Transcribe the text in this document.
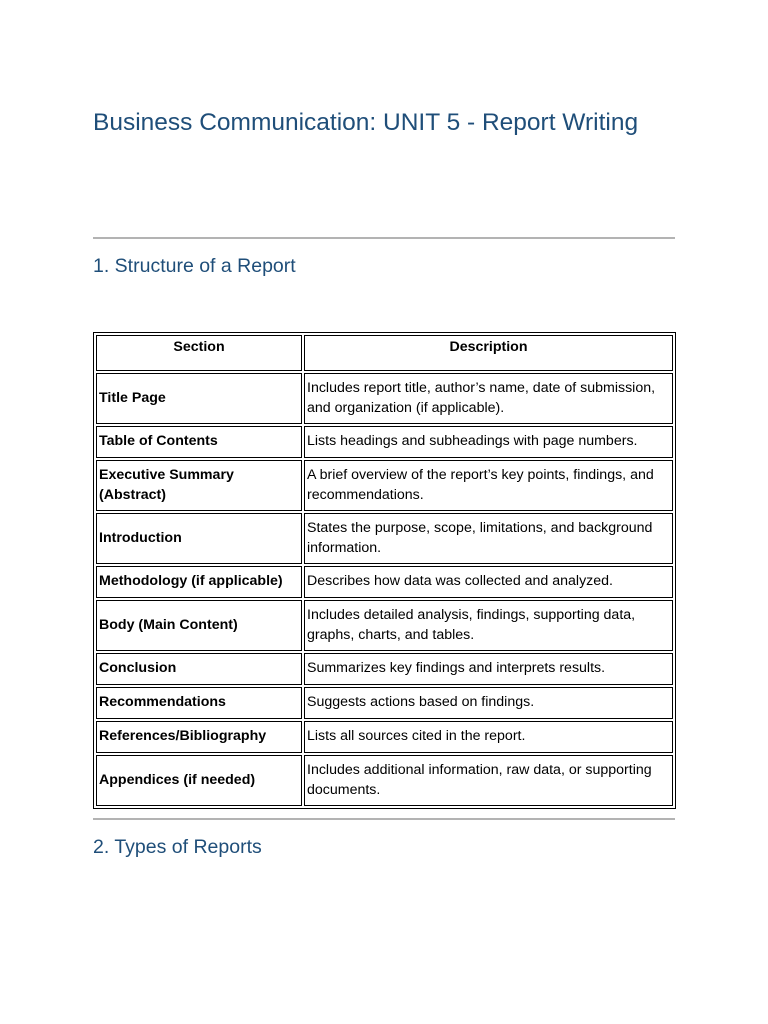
Business Communication: UNIT 5 - Report Writing
1. Structure of a Report
Section	Description
Title Page	Includes report title, author’s name, date of submission, and organization (if applicable).
Table of Contents	Lists headings and subheadings with page numbers.
Executive Summary (Abstract)	A brief overview of the report’s key points, findings, and recommendations.
Introduction	States the purpose, scope, limitations, and background information.
Methodology (if applicable)	Describes how data was collected and analyzed.
Body (Main Content)	Includes detailed analysis, findings, supporting data, graphs, charts, and tables.
Conclusion	Summarizes key findings and interprets results.
Recommendations	Suggests actions based on findings.
References/Bibliography	Lists all sources cited in the report.
Appendices (if needed)	Includes additional information, raw data, or supporting documents.
2. Types of Reports
